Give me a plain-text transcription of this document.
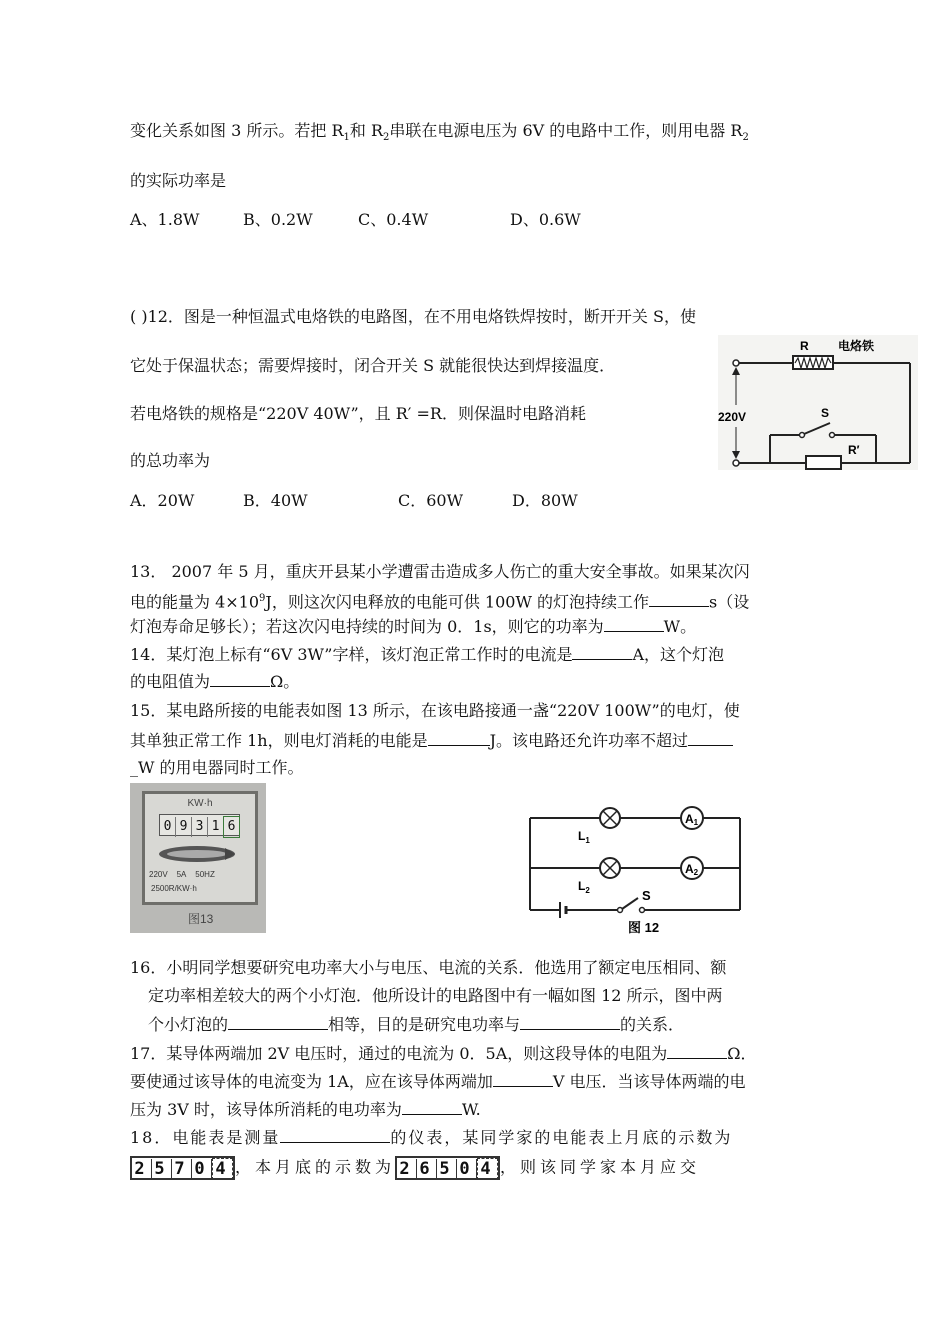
变化关系如图 3 所示。若把 $R_1$和 $R_2$串联在电源电压为 6V 的电路中工作，则用电器 $R_2$
的实际功率是
A、1.8W	B、0.2W	C、0.4W	D、0.6W
( )12．图是一种恒温式电烙铁的电路图，在不用电烙铁焊按时，断开开关 S，使
它处于保温状态；需要焊接时，闭合开关 S 就能很快达到焊接温度．
若电烙铁的规格是“220V 40W”，且 R′ =R．则保温时电路消耗
的总功率为
A．20W	B．40W	C．60W	D．80W
R 电烙铁
220V	S
R′
13． 2007 年 5 月，重庆开县某小学遭雷击造成多人伤亡的重大安全事故。如果某次闪
电的能量为 $4\times 10^9J$，则这次闪电释放的电能可供 100W 的灯泡持续工作	s（设
灯泡寿命足够长）；若这次闪电持续的时间为 0．1s，则它的功率为	W。
14．某灯泡上标有“6V 3W”字样，该灯泡正常工作时的电流是	A，这个灯泡
的电阻值为	Ω。
15．某电路所接的电能表如图 13 所示，在该电路接通一盏“220V 100W”的电灯，使
其单独正常工作 1h，则电灯消耗的电能是	J。该电路还允许功率不超过
_W 的用电器同时工作。
KW·h
0 9 3 1 6
220V 5A 50HZ
2500R/KW·h
图13
A1
$L_1$
A2
$L_2$	S
图 12
16．小明同学想要研究电功率大小与电压、电流的关系．他选用了额定电压相同、额
定功率相差较大的两个小灯泡．他所设计的电路图中有一幅如图 12 所示，图中两
个小灯泡的	相等，目的是研究电功率与	的关系．
17．某导体两端加 2V 电压时，通过的电流为 0．5A，则这段导体的电阻为	Ω．
要使通过该导体的电流变为 1A，应在该导体两端加	V 电压．当该导体两端的电
压为 3V 时，该导体所消耗的电功率为	W.
18．电能表是测量	的仪表，某同学家的电能表上月底的示数为
2 5 7 0 4 ，本月底的示数为 2 6 5 0 4 ，则该同学家本月应交
